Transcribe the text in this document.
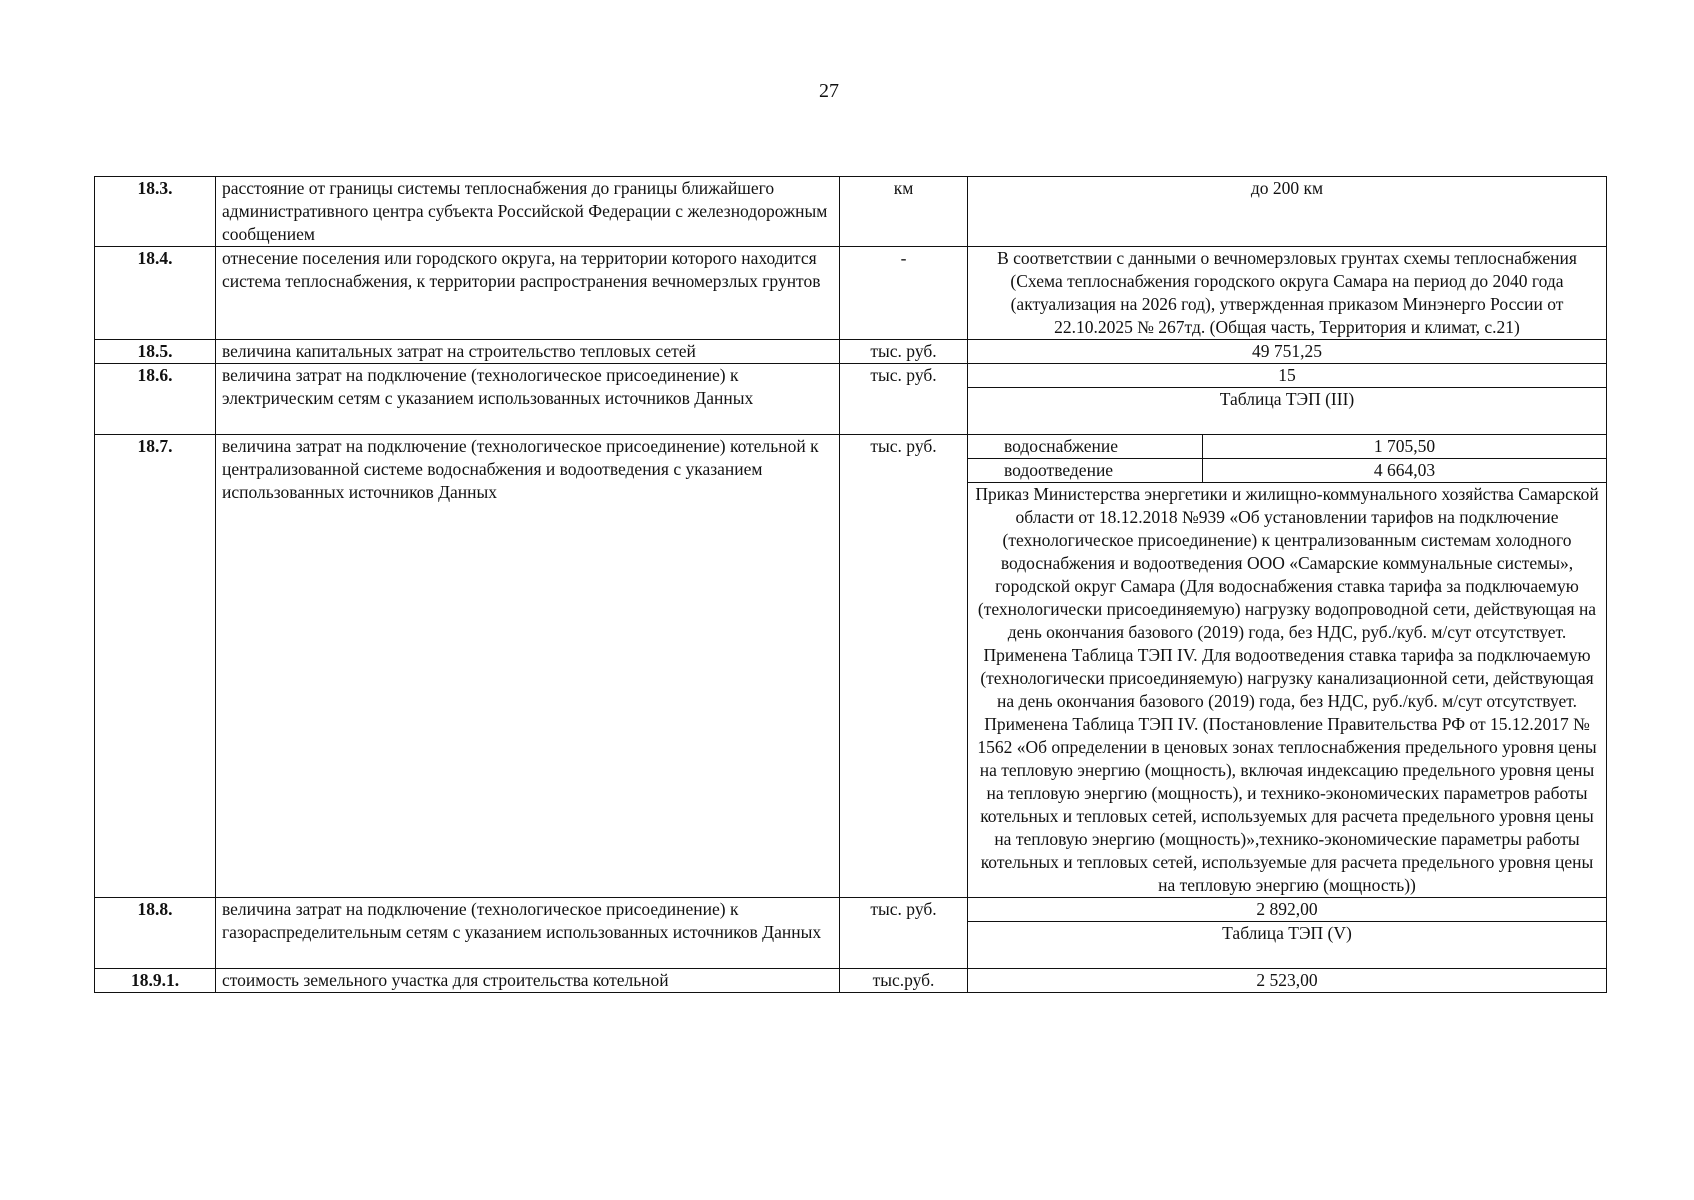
27
18.3.	расстояние от границы системы теплоснабжения до границы ближайшего административного центра субъекта Российской Федерации с железнодорожным сообщением	км	до 200 км

18.4.	отнесение поселения или городского округа, на территории которого находится система теплоснабжения, к территории распространения вечномерзлых грунтов	-	В соответствии с данными о вечномерзловых грунтах схемы теплоснабжения (Схема теплоснабжения городского округа Самара на период до 2040 года (актуализация на 2026 год), утвержденная приказом Минэнерго России от 22.10.2025 № 267тд. (Общая часть, Территория и климат, с.21)

18.5.	величина капитальных затрат на строительство тепловых сетей	тыс. руб.	49 751,25

18.6.	величина затрат на подключение (технологическое присоединение) к электрическим сетям с указанием использованных источников Данных	тыс. руб.	15
Таблица ТЭП (III)

18.7.	величина затрат на подключение (технологическое присоединение) котельной к централизованной системе водоснабжения и водоотведения с указанием использованных источников Данных	тыс. руб.		водоснабжение	1 705,50
водоотведение	4 664,03
Приказ Министерства энергетики и жилищно-коммунального хозяйства Самарской области от 18.12.2018 №939 «Об установлении тарифов на подключение (технологическое присоединение) к централизованным системам холодного водоснабжения и водоотведения ООО «Самарские коммунальные системы», городской округ Самара (Для водоснабжения ставка тарифа за подключаемую (технологически присоединяемую) нагрузку водопроводной сети, действующая на день окончания базового (2019) года, без НДС, руб./куб. м/сут отсутствует. Применена Таблица ТЭП IV. Для водоотведения ставка тарифа за подключаемую (технологически присоединяемую) нагрузку канализационной сети, действующая на день окончания базового (2019) года, без НДС, руб./куб. м/сут отсутствует. Применена Таблица ТЭП IV. (Постановление Правительства РФ от 15.12.2017 № 1562 «Об определении в ценовых зонах теплоснабжения предельного уровня цены на тепловую энергию (мощность), включая индексацию предельного уровня цены на тепловую энергию (мощность), и технико-экономических параметров работы котельных и тепловых сетей, используемых для расчета предельного уровня цены на тепловую энергию (мощность)»,технико-экономические параметры работы котельных и тепловых сетей, используемые для расчета предельного уровня цены на тепловую энергию (мощность))

18.8.	величина затрат на подключение (технологическое присоединение) к газораспределительным сетям с указанием использованных источников Данных	тыс. руб.	2 892,00
Таблица ТЭП (V)

18.9.1.	стоимость земельного участка для строительства котельной	тыс.руб.	2 523,00
